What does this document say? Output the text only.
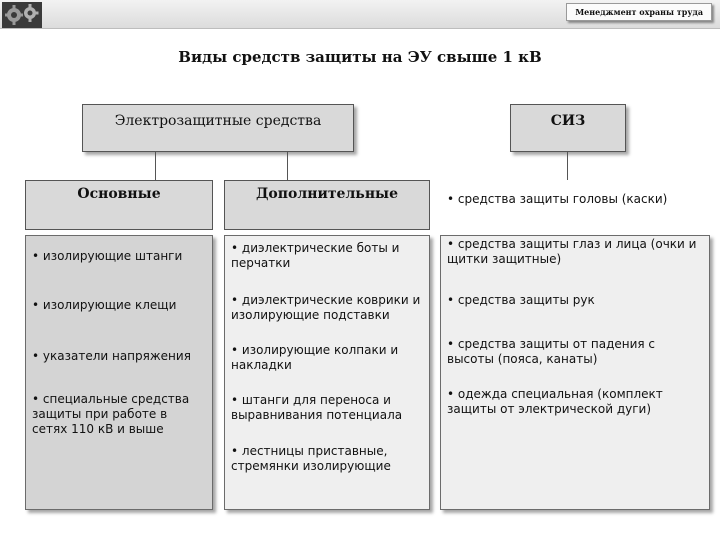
Менеджмент охраны труда
Виды средств защиты на ЭУ свыше 1 кВ
Электрозащитные средства	СИЗ
Основные
• изолирующие штанги
• изолирующие клещи
• указатели напряжения
• специальные средства защиты при работе в сетях 110 кВ и выше
Дополнительные
• диэлектрические боты и перчатки
• диэлектрические коврики и изолирующие подставки
• изолирующие колпаки и накладки
• штанги для переноса и выравнивания потенциала
• лестницы приставные, стремянки изолирующие
• средства защиты головы (каски)
• средства защиты глаз и лица (очки и щитки защитные)
• средства защиты рук
• средства защиты от падения с высоты (пояса, канаты)
• одежда специальная (комплект защиты от электрической дуги)
